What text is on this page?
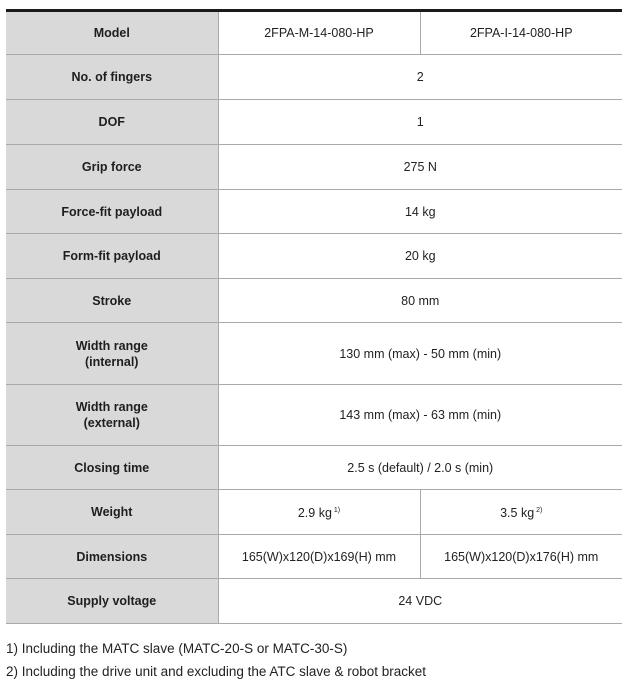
Model	2FPA-M-14-080-HP	2FPA-I-14-080-HP
No. of fingers	2	
DOF	1	
Grip force	275 N	
Force-fit payload	14 kg	
Form-fit payload	20 kg	
Stroke	80 mm	

Width range
(internal)	130 mm (max) - 50 mm (min)	

Width range
(external)	143 mm (max) - 63 mm (min)	
Closing time	2.5 s (default) / 2.0 s (min)	
Weight	2.9 kg $^{1)}$	3.5 kg $^{2)}$
Dimensions	165(W)x120(D)x169(H) mm	165(W)x120(D)x176(H) mm
Supply voltage	24 VDC	
1) Including the MATC slave (MATC-20-S or MATC-30-S)
2) Including the drive unit and excluding the ATC slave & robot bracket
